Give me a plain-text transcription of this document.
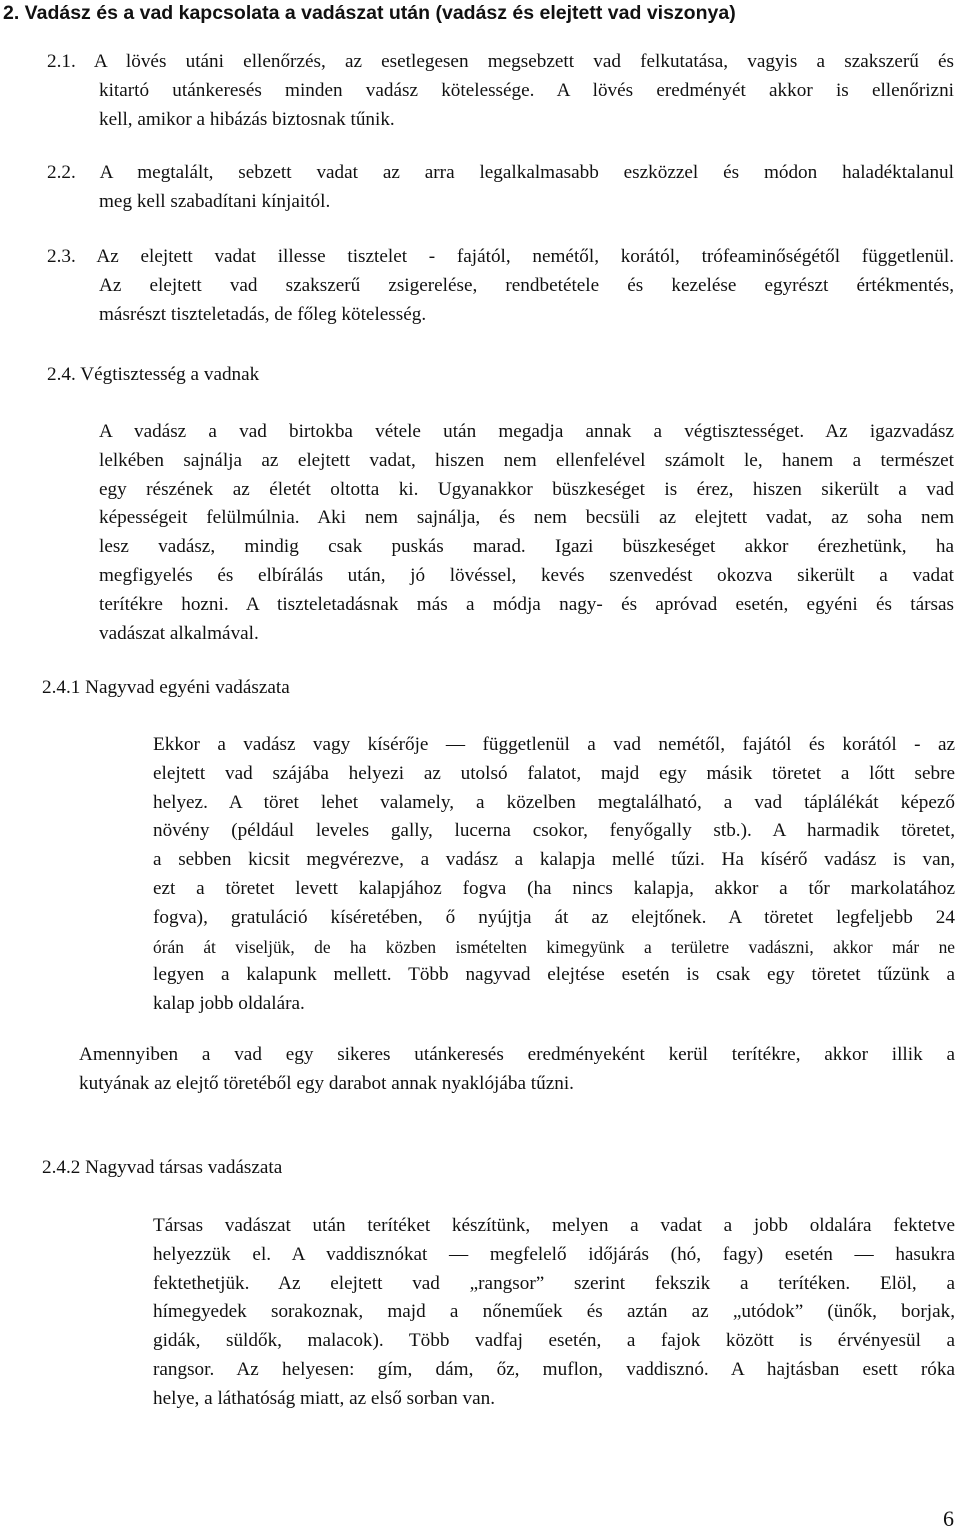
2. Vadász és a vad kapcsolata a vadászat után (vadász és elejtett vad viszonya)
2.1. A lövés utáni ellenőrzés, az esetlegesen megsebzett vad felkutatása, vagyis a szakszerű és
kitartó utánkeresés minden vadász kötelessége. A lövés eredményét akkor is ellenőrizni
kell, amikor a hibázás biztosnak tűnik.
2.2. A megtalált, sebzett vadat az arra legalkalmasabb eszközzel és módon haladéktalanul
meg kell szabadítani kínjaitól.
2.3. Az elejtett vadat illesse tisztelet - fajától, nemétől, korától, trófeaminőségétől függetlenül.
Az elejtett vad szakszerű zsigerelése, rendbetétele és kezelése egyrészt értékmentés,
másrészt tiszteletadás, de főleg kötelesség.
2.4. Végtisztesség a vadnak
A vadász a vad birtokba vétele után megadja annak a végtisztességet. Az igazvadász
lelkében sajnálja az elejtett vadat, hiszen nem ellenfelével számolt le, hanem a természet
egy részének az életét oltotta ki. Ugyanakkor büszkeséget is érez, hiszen sikerült a vad
képességeit felülmúlnia. Aki nem sajnálja, és nem becsüli az elejtett vadat, az soha nem
lesz vadász, mindig csak puskás marad. Igazi büszkeséget akkor érezhetünk, ha
megfigyelés és elbírálás után, jó lövéssel, kevés szenvedést okozva sikerült a vadat
terítékre hozni. A tiszteletadásnak más a módja nagy- és apróvad esetén, egyéni és társas
vadászat alkalmával.
2.4.1 Nagyvad egyéni vadászata
Ekkor a vadász vagy kísérője — függetlenül a vad nemétől, fajától és korától - az
elejtett vad szájába helyezi az utolsó falatot, majd egy másik töretet a lőtt sebre
helyez. A töret lehet valamely, a közelben megtalálható, a vad táplálékát képező
növény (például leveles gally, lucerna csokor, fenyőgally stb.). A harmadik töretet,
a sebben kicsit megvérezve, a vadász a kalapja mellé tűzi. Ha kísérő vadász is van,
ezt a töretet levett kalapjához fogva (ha nincs kalapja, akkor a tőr markolatához
fogva), gratuláció kíséretében, ő nyújtja át az elejtőnek. A töretet legfeljebb 24
órán át viseljük, de ha közben ismételten kimegyünk a területre vadászni, akkor már ne
legyen a kalapunk mellett. Több nagyvad elejtése esetén is csak egy töretet tűzünk a
kalap jobb oldalára.
Amennyiben a vad egy sikeres utánkeresés eredményeként kerül terítékre, akkor illik a
kutyának az elejtő töretéből egy darabot annak nyaklójába tűzni.
2.4.2 Nagyvad társas vadászata
Társas vadászat után terítéket készítünk, melyen a vadat a jobb oldalára fektetve
helyezzük el. A vaddisznókat — megfelelő időjárás (hó, fagy) esetén — hasukra
fektethetjük. Az elejtett vad „rangsor” szerint fekszik a terítéken. Elöl, a
hímegyedek sorakoznak, majd a nőneműek és aztán az „utódok” (ünők, borjak,
gidák, süldők, malacok). Több vadfaj esetén, a fajok között is érvényesül a
rangsor. Az helyesen: gím, dám, őz, muflon, vaddisznó. A hajtásban esett róka
helye, a láthatóság miatt, az első sorban van.
6
